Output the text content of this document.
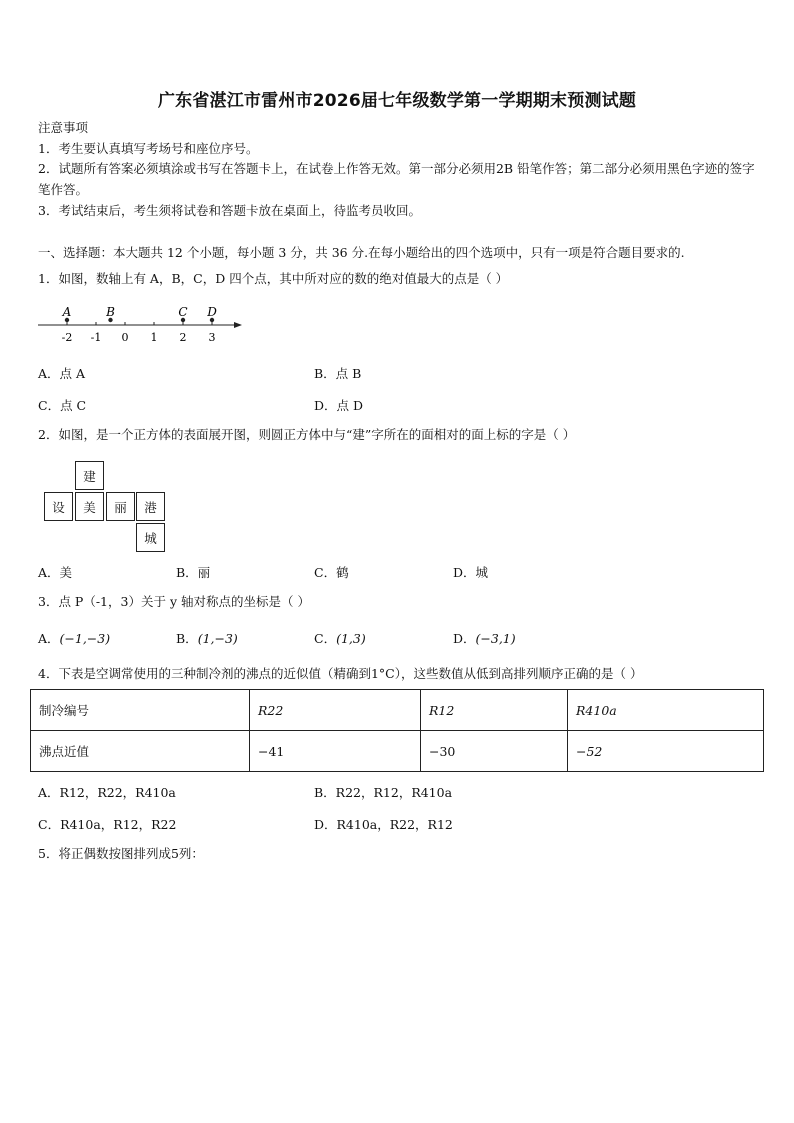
广东省湛江市雷州市2026届七年级数学第一学期期末预测试题
注意事项
1．考生要认真填写考场号和座位序号。
2．试题所有答案必须填涂或书写在答题卡上，在试卷上作答无效。第一部分必须用2B 铅笔作答；第二部分必须用黑色字迹的签字笔作答。
3．考试结束后，考生须将试卷和答题卡放在桌面上，待监考员收回。
一、选择题：本大题共 12 个小题，每小题 3 分，共 36 分.在每小题给出的四个选项中，只有一项是符合题目要求的.
1．如图，数轴上有 A，B，C，D 四个点，其中所对应的数的绝对值最大的点是（ ）
-2 -1 0 1 2 3
A	B	C D
A．点 A	B．点 B
C．点 C	D．点 D
2．如图，是一个正方体的表面展开图，则圆正方体中与“建”字所在的面相对的面上标的字是（ ）
建
设	美	丽	港
城
A．美	B．丽	C．鹤	D．城
3．点 P（-1，3）关于 y 轴对称点的坐标是（ ）
A．(−1,−3)	B．(1,−3)	C．(1,3)	D．(−3,1)
4．下表是空调常使用的三种制冷剂的沸点的近似值（精确到1°C），这些数值从低到高排列顺序正确的是（ ）
制冷编号	R22	R12	R410a
沸点近值	−41	−30	−52
A．R12，R22，R410a	B．R22，R12，R410a
C．R410a，R12，R22	D．R410a，R22，R12
5．将正偶数按图排列成5列：
